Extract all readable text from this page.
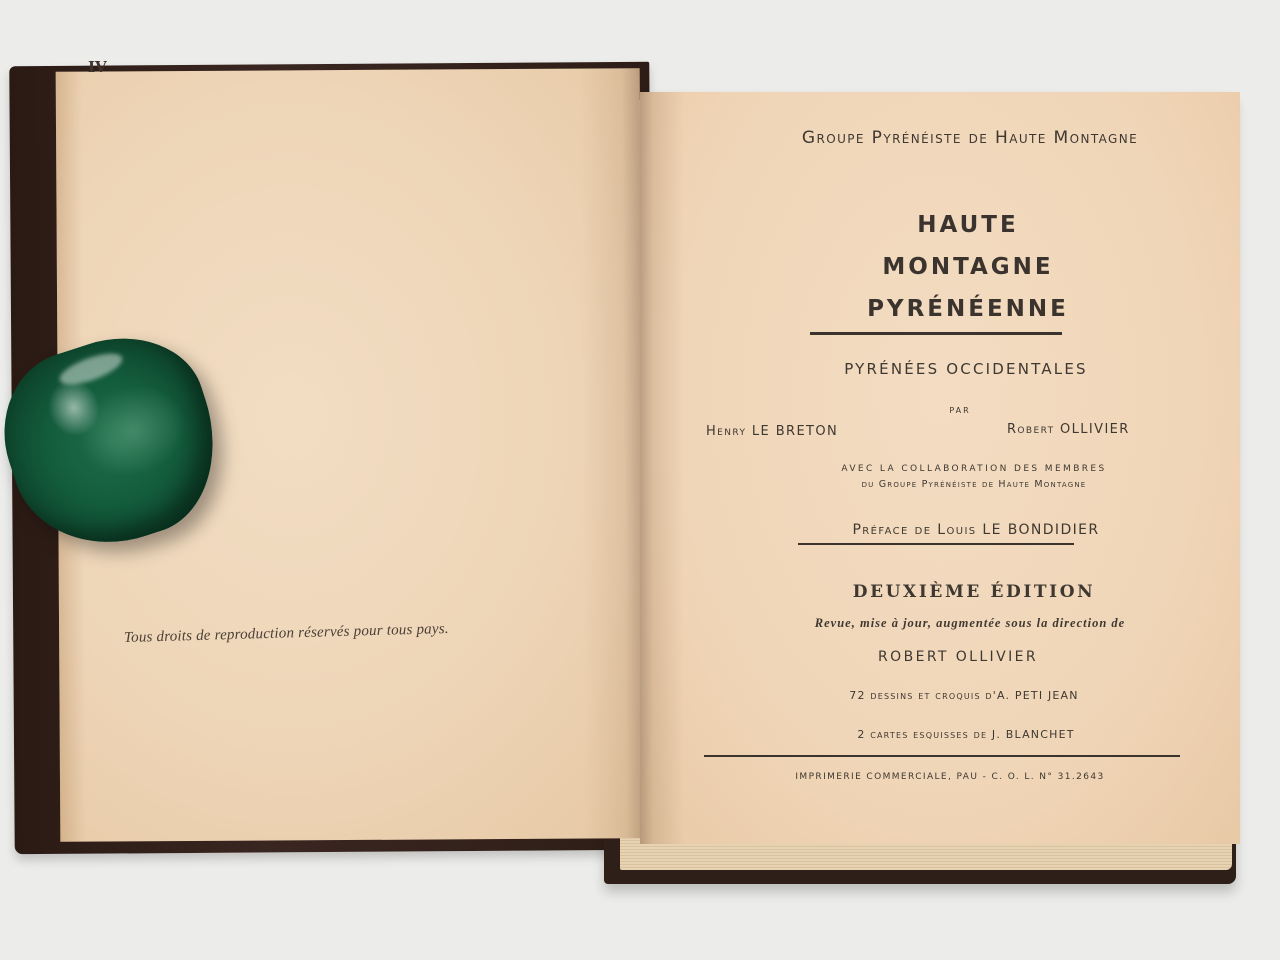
IV
Tous droits de reproduction réservés pour tous pays.
Groupe Pyrénéiste de Haute Montagne
HAUTE
MONTAGNE
PYRÉNÉENNE
PYRÉNÉES OCCIDENTALES
PAR
Henry LE BRETON	Robert OLLIVIER
AVEC LA COLLABORATION DES MEMBRES
du Groupe Pyrénéiste de Haute Montagne
Préface de Louis LE BONDIDIER
DEUXIÈME ÉDITION
Revue, mise à jour, augmentée sous la direction de
ROBERT OLLIVIER
72 dessins et croquis d'A. PETI JEAN
2 cartes esquisses de J. BLANCHET
IMPRIMERIE COMMERCIALE, PAU - C. O. L. N° 31.2643
